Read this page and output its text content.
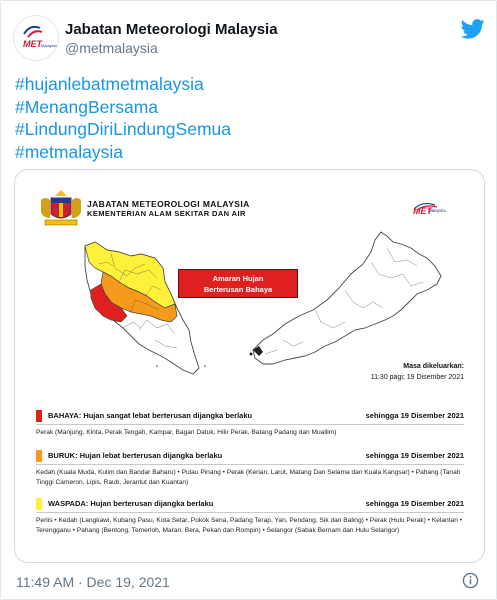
MET Malaysia
Jabatan Meteorologi Malaysia
@metmalaysia
#hujanlebatmetmalaysia
#MenangBersama
#LindungDiriLindungSemua
#metmalaysia
JABATAN METEOROLOGI MALAYSIA
KEMENTERIAN ALAM SEKITAR DAN AIR	MET
Malaysia
Amaran Hujan
Berterusan Bahaya
Masa dikeluarkan:
11:30 pagi; 19 Disember 2021
BAHAYA: Hujan sangat lebat berterusan dijangka berlaku	sehingga 19 Disember 2021
Perak (Manjung, Kinta, Perak Tengah, Kampar, Bagan Datuk, Hilir Perak, Batang Padang dan Muallim)
BURUK: Hujan lebat berterusan dijangka berlaku	sehingga 19 Disember 2021
Kedah (Kuala Muda, Kulim dan Bandar Baharu) • Pulau Pinang • Perak (Kerian, Larut, Matang Dan Selama dan Kuala Kangsar) • Pahang (Tanah Tinggi Cameron, Lipis, Raub, Jerantut dan Kuantan)
WASPADA: Hujan berterusan dijangka berlaku	sehingga 19 Disember 2021
Perlis • Kedah (Langkawi, Kubang Pasu, Kota Setar, Pokok Sena, Padang Terap, Yan, Pendang, Sik dan Baling) • Perak (Hulu Perak) • Kelantan • Terengganu • Pahang (Bentong, Temerloh, Maran, Bera, Pekan dan Rompin) • Selangor (Sabak Bernam dan Hulu Selangor)
11:49 AM · Dec 19, 2021
